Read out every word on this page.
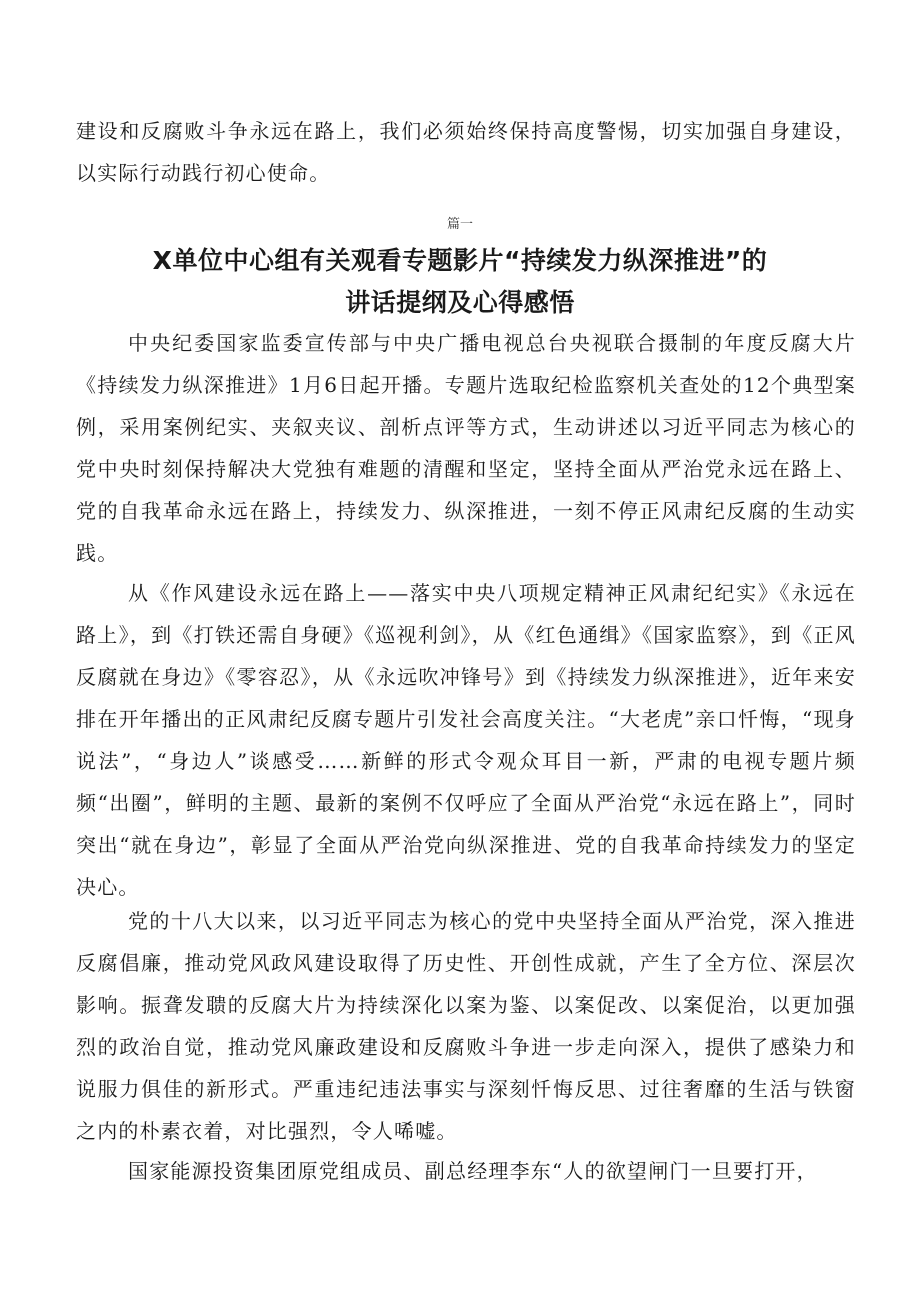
建设和反腐败斗争永远在路上，我们必须始终保持高度警惕，切实加强自身建设，以实际行动践行初心使命。

篇一
X单位中心组有关观看专题影片“持续发力纵深推进”的
讲话提纲及心得感悟

中央纪委国家监委宣传部与中央广播电视总台央视联合摄制的年度反腐大片《持续发力纵深推进》1月6日起开播。专题片选取纪检监察机关查处的12个典型案例，采用案例纪实、夹叙夹议、剖析点评等方式，生动讲述以习近平同志为核心的党中央时刻保持解决大党独有难题的清醒和坚定，坚持全面从严治党永远在路上、党的自我革命永远在路上，持续发力、纵深推进，一刻不停正风肃纪反腐的生动实践。

从《作风建设永远在路上——落实中央八项规定精神正风肃纪纪实》《永远在路上》，到《打铁还需自身硬》《巡视利剑》，从《红色通缉》《国家监察》，到《正风反腐就在身边》《零容忍》，从《永远吹冲锋号》到《持续发力纵深推进》，近年来安排在开年播出的正风肃纪反腐专题片引发社会高度关注。“大老虎”亲口忏悔，“现身说法”，“身边人”谈感受……新鲜的形式令观众耳目一新，严肃的电视专题片频频“出圈”，鲜明的主题、最新的案例不仅呼应了全面从严治党“永远在路上”，同时突出“就在身边”，彰显了全面从严治党向纵深推进、党的自我革命持续发力的坚定决心。

党的十八大以来，以习近平同志为核心的党中央坚持全面从严治党，深入推进反腐倡廉，推动党风政风建设取得了历史性、开创性成就，产生了全方位、深层次影响。振聋发聩的反腐大片为持续深化以案为鉴、以案促改、以案促治，以更加强烈的政治自觉，推动党风廉政建设和反腐败斗争进一步走向深入，提供了感染力和说服力俱佳的新形式。严重违纪违法事实与深刻忏悔反思、过往奢靡的生活与铁窗之内的朴素衣着，对比强烈，令人唏嘘。

国家能源投资集团原党组成员、副总经理李东“人的欲望闸门一旦要打开，
